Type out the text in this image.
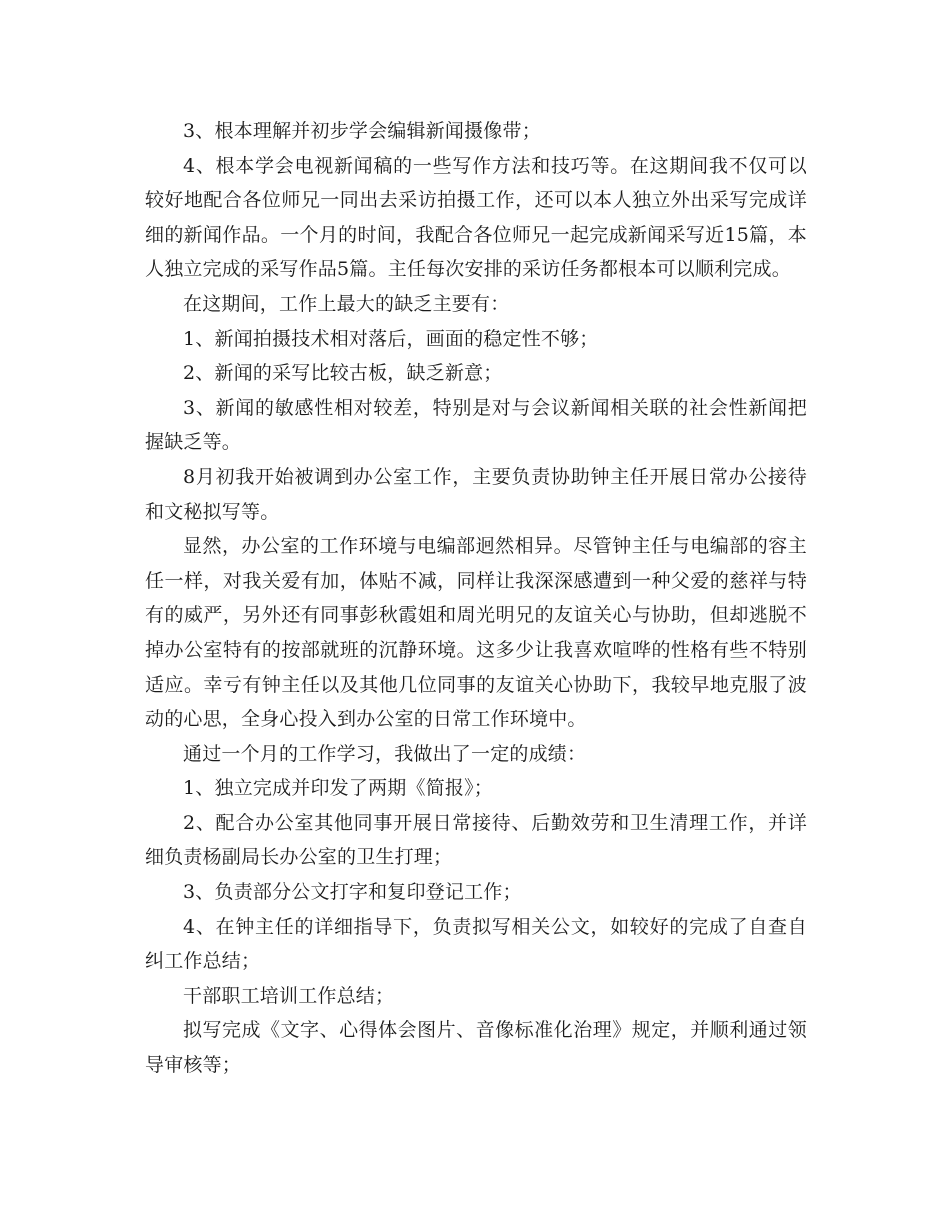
3、根本理解并初步学会编辑新闻摄像带；

4、根本学会电视新闻稿的一些写作方法和技巧等。在这期间我不仅可以较好地配合各位师兄一同出去采访拍摄工作，还可以本人独立外出采写完成详细的新闻作品。一个月的时间，我配合各位师兄一起完成新闻采写近15篇，本人独立完成的采写作品5篇。主任每次安排的采访任务都根本可以顺利完成。

在这期间，工作上最大的缺乏主要有：

1、新闻拍摄技术相对落后，画面的稳定性不够；

2、新闻的采写比较古板，缺乏新意；

3、新闻的敏感性相对较差，特别是对与会议新闻相关联的社会性新闻把握缺乏等。

8月初我开始被调到办公室工作，主要负责协助钟主任开展日常办公接待和文秘拟写等。

显然，办公室的工作环境与电编部迥然相异。尽管钟主任与电编部的容主任一样，对我关爱有加，体贴不减，同样让我深深感遭到一种父爱的慈祥与特有的威严，另外还有同事彭秋霞姐和周光明兄的友谊关心与协助，但却逃脱不掉办公室特有的按部就班的沉静环境。这多少让我喜欢喧哗的性格有些不特别适应。幸亏有钟主任以及其他几位同事的友谊关心协助下，我较早地克服了波动的心思，全身心投入到办公室的日常工作环境中。

通过一个月的工作学习，我做出了一定的成绩：

1、独立完成并印发了两期《简报》；

2、配合办公室其他同事开展日常接待、后勤效劳和卫生清理工作，并详细负责杨副局长办公室的卫生打理；

3、负责部分公文打字和复印登记工作；

4、在钟主任的详细指导下，负责拟写相关公文，如较好的完成了自查自纠工作总结；

干部职工培训工作总结；

拟写完成《文字、心得体会图片、音像标准化治理》规定，并顺利通过领导审核等；
